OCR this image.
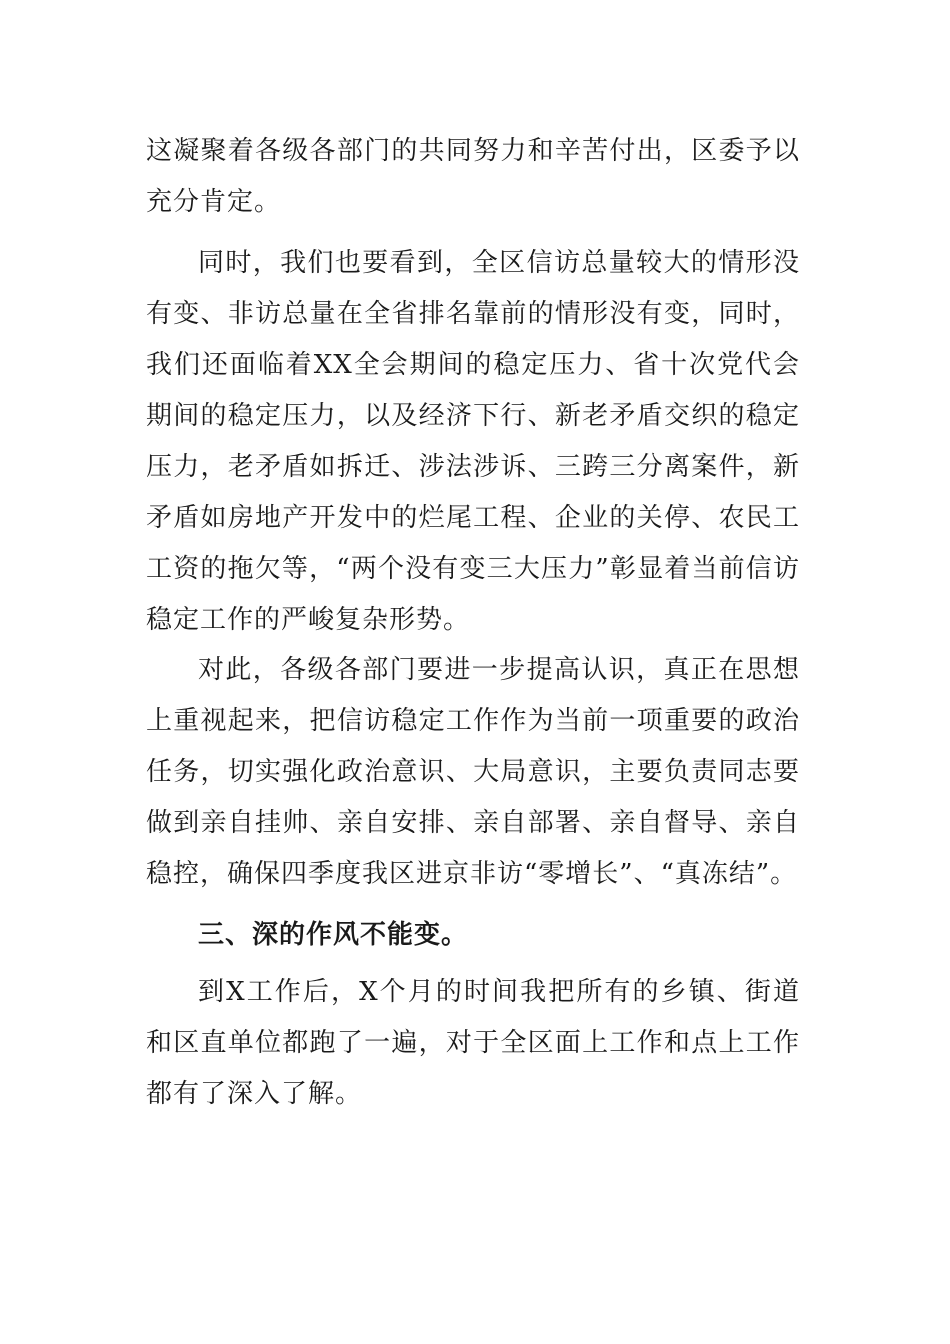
这凝聚着各级各部门的共同努力和辛苦付出，区委予以充分肯定。

同时，我们也要看到，全区信访总量较大的情形没有变、非访总量在全省排名靠前的情形没有变，同时，我们还面临着XX全会期间的稳定压力、省十次党代会期间的稳定压力，以及经济下行、新老矛盾交织的稳定压力，老矛盾如拆迁、涉法涉诉、三跨三分离案件，新矛盾如房地产开发中的烂尾工程、企业的关停、农民工工资的拖欠等，“两个没有变三大压力”彰显着当前信访稳定工作的严峻复杂形势。

对此，各级各部门要进一步提高认识，真正在思想上重视起来，把信访稳定工作作为当前一项重要的政治任务，切实强化政治意识、大局意识，主要负责同志要做到亲自挂帅、亲自安排、亲自部署、亲自督导、亲自稳控，确保四季度我区进京非访“零增长”、“真冻结”。

三、深的作风不能变。

到X工作后，X个月的时间我把所有的乡镇、街道和区直单位都跑了一遍，对于全区面上工作和点上工作都有了深入了解。
